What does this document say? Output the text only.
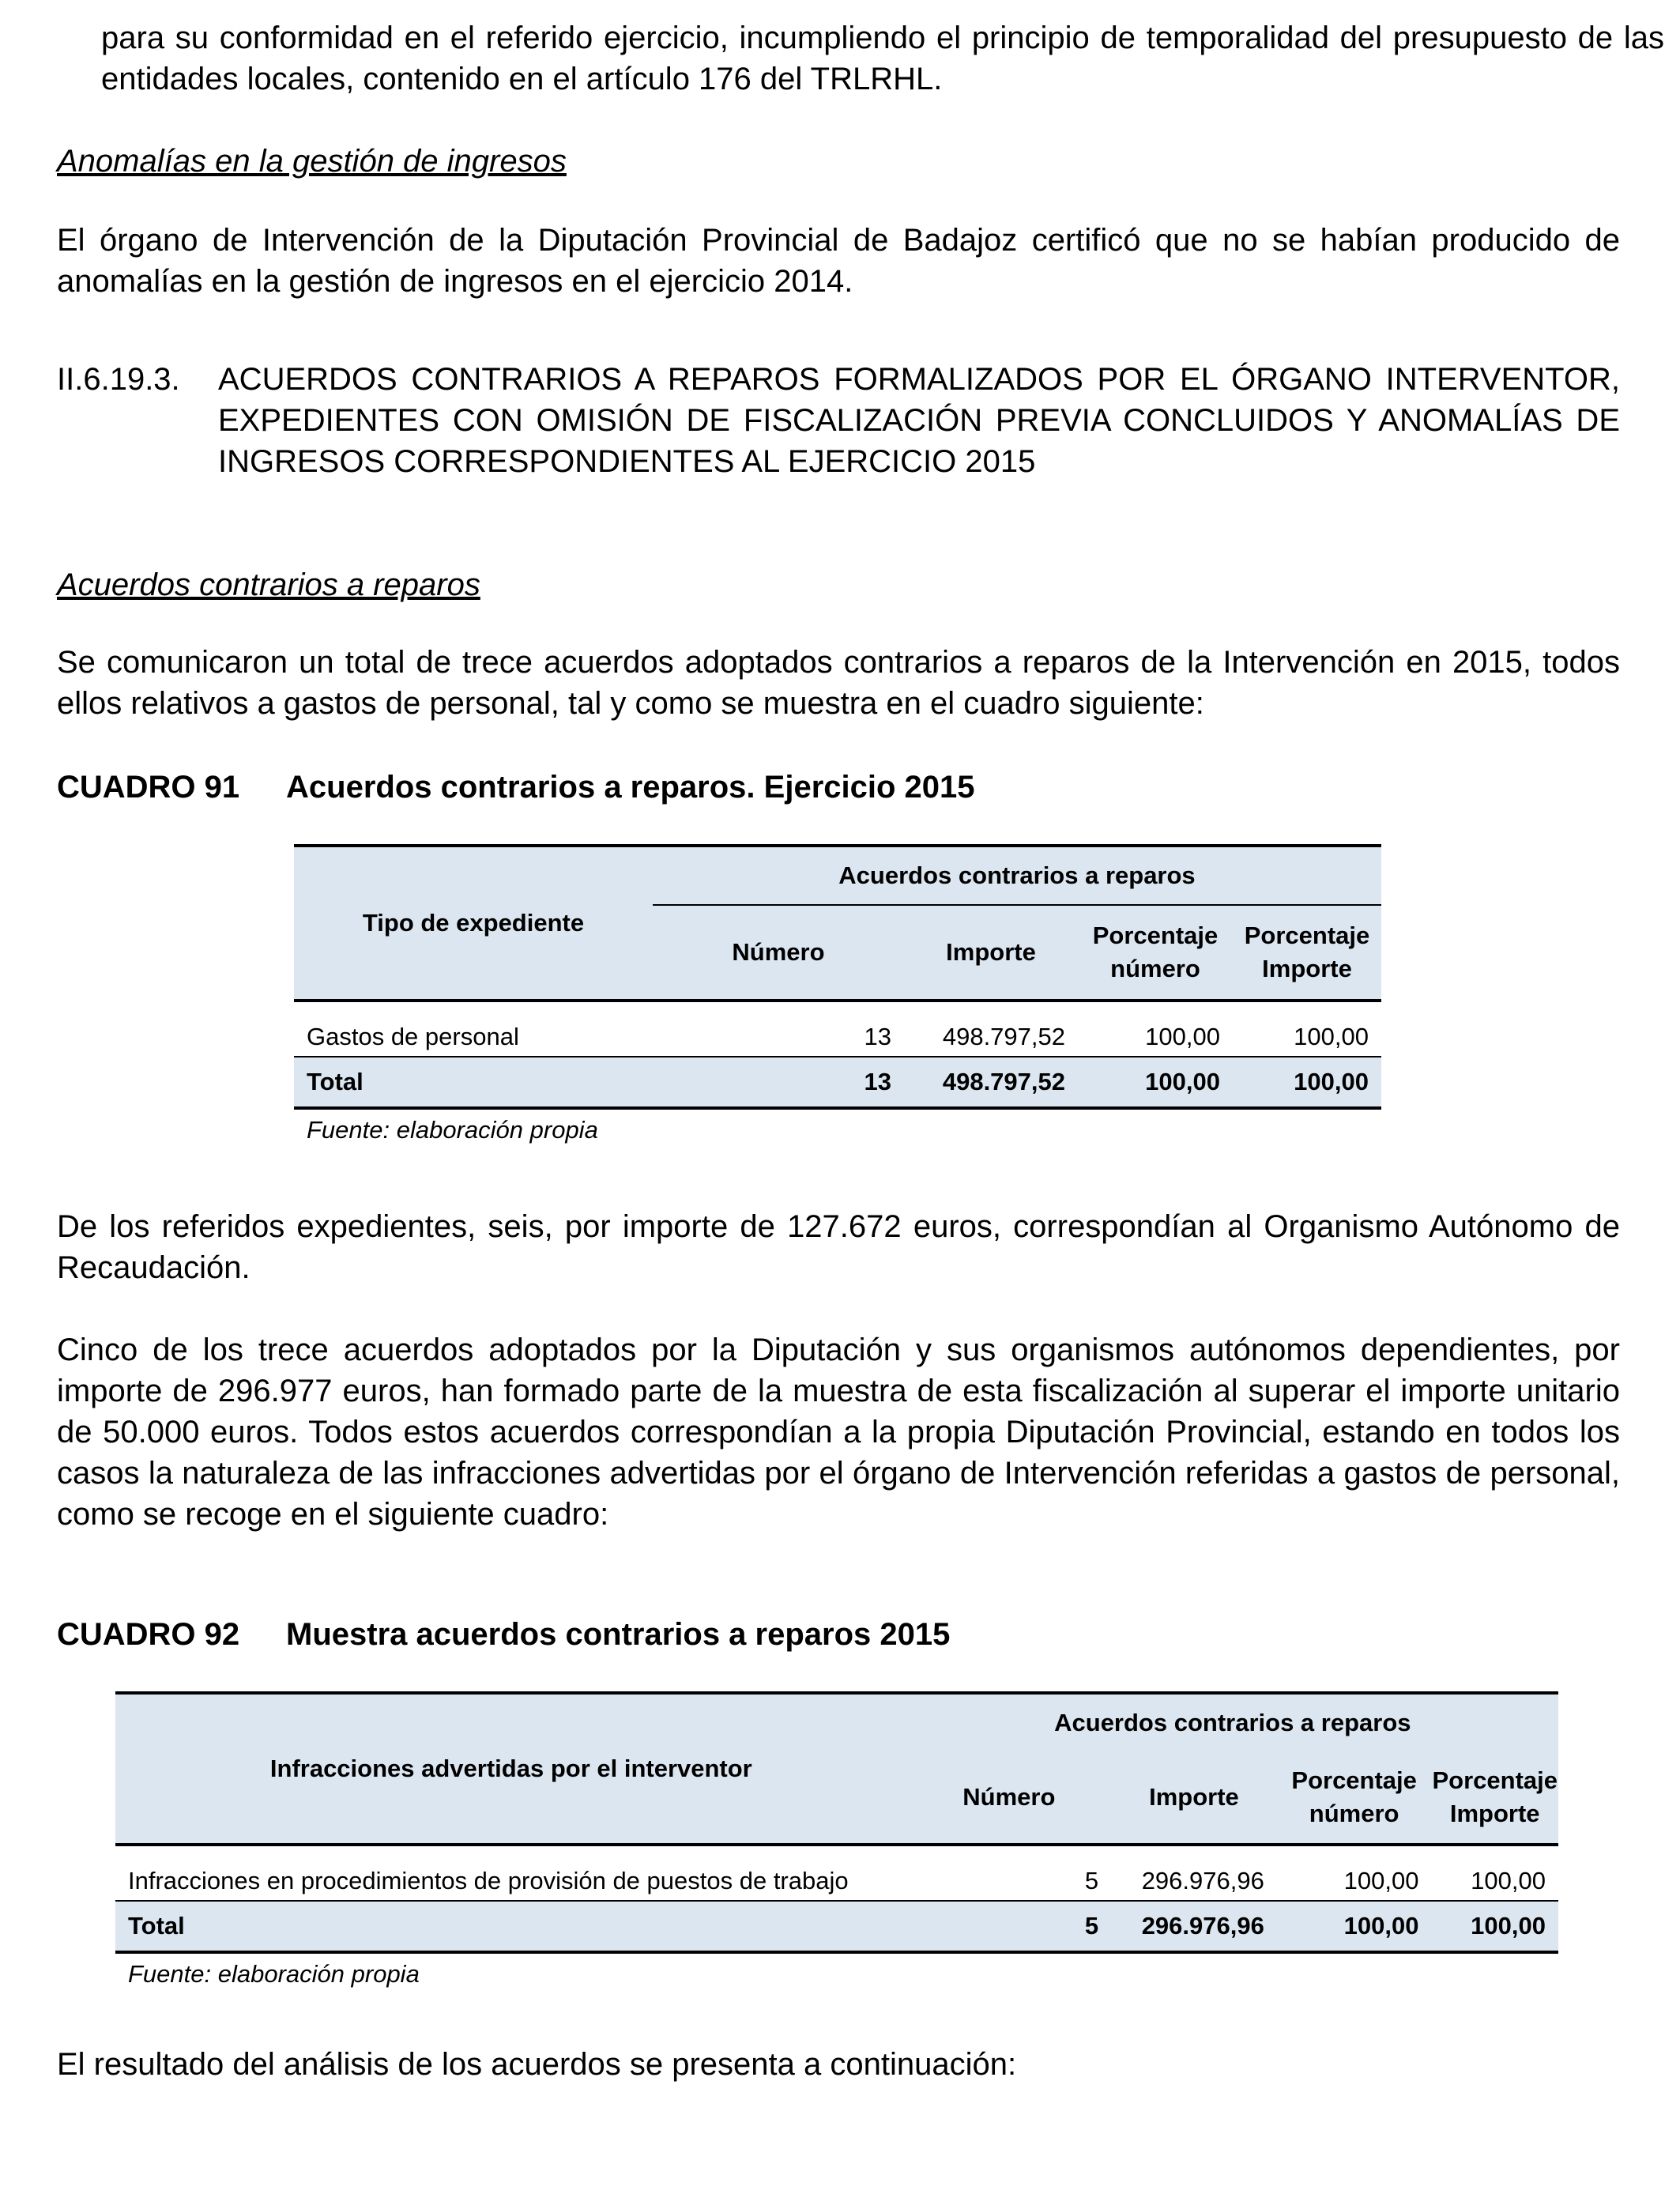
para su conformidad en el referido ejercicio, incumpliendo el principio de temporalidad del presupuesto de las entidades locales, contenido en el artículo 176 del TRLRHL.

Anomalías en la gestión de ingresos

El órgano de Intervención de la Diputación Provincial de Badajoz certificó que no se habían producido de anomalías en la gestión de ingresos en el ejercicio 2014.

II.6.19.3.	ACUERDOS CONTRARIOS A REPAROS FORMALIZADOS POR EL ÓRGANO INTERVENTOR, EXPEDIENTES CON OMISIÓN DE FISCALIZACIÓN PREVIA CONCLUIDOS Y ANOMALÍAS DE INGRESOS CORRESPONDIENTES AL EJERCICIO 2015

Acuerdos contrarios a reparos

Se comunicaron un total de trece acuerdos adoptados contrarios a reparos de la Intervención en 2015, todos ellos relativos a gastos de personal, tal y como se muestra en el cuadro siguiente:

CUADRO 91 Acuerdos contrarios a reparos. Ejercicio 2015
Tipo de expediente	Acuerdos contrarios a reparos			
	Número	Importe	Porcentaje número	Porcentaje Importe
Gastos de personal	13	498.797,52	100,00	100,00
Total	13	498.797,52	100,00	100,00
Fuente: elaboración propia

De los referidos expedientes, seis, por importe de 127.672 euros, correspondían al Organismo Autónomo de Recaudación.

Cinco de los trece acuerdos adoptados por la Diputación y sus organismos autónomos dependientes, por importe de 296.977 euros, han formado parte de la muestra de esta fiscalización al superar el importe unitario de 50.000 euros. Todos estos acuerdos correspondían a la propia Diputación Provincial, estando en todos los casos la naturaleza de las infracciones advertidas por el órgano de Intervención referidas a gastos de personal, como se recoge en el siguiente cuadro:

CUADRO 92 Muestra acuerdos contrarios a reparos 2015
Infracciones advertidas por el interventor	Acuerdos contrarios a reparos			
	Número	Importe	Porcentaje número	Porcentaje Importe
Infracciones en procedimientos de provisión de puestos de trabajo	5	296.976,96	100,00	100,00
Total	5	296.976,96	100,00	100,00
Fuente: elaboración propia

El resultado del análisis de los acuerdos se presenta a continuación:
